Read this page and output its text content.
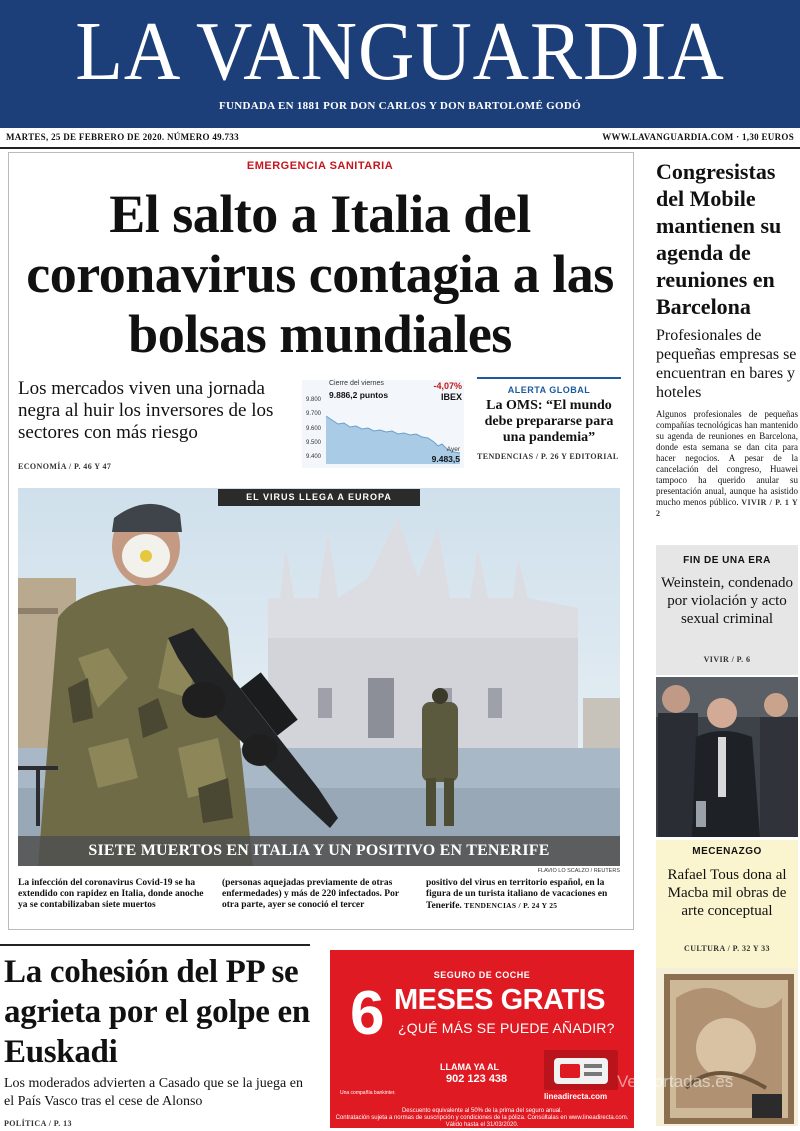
LA VANGUARDIA
FUNDADA EN 1881 POR DON CARLOS Y DON BARTOLOMÉ GODÓ
MARTES, 25 DE FEBRERO DE 2020. NÚMERO 49.733	WWW.LAVANGUARDIA.COM · 1,30 EUROS
EMERGENCIA SANITARIA
El salto a Italia del coronavirus contagia a las bolsas mundiales
Los mercados viven una jornada negra al huir los inversores de los sectores con más riesgo
ECONOMÍA / P. 46 Y 47
9.800
9.700
9.600
9.500
9.400
Cierre del viernes
9.886,2 puntos
-4,07%
IBEX
Ayer
9.483,5
ALERTA GLOBAL
La OMS: “El mundo debe prepararse para una pandemia”
TENDENCIAS / P. 26 Y EDITORIAL
EL VIRUS LLEGA A EUROPA
SIETE MUERTOS EN ITALIA Y UN POSITIVO EN TENERIFE
FLAVIO LO SCALZO / REUTERS
La infección del coronavirus Covid-19 se ha extendido con rapidez en Italia, donde anoche ya se contabilizaban siete muertos
(personas aquejadas previamente de otras enfermedades) y más de 220 infectados. Por otra parte, ayer se conoció el tercer
positivo del virus en territorio español, en la figura de un turista italiano de vacaciones en Tenerife. TENDENCIAS / P. 24 Y 25
Congresistas del Mobile mantienen su agenda de reuniones en Barcelona
Profesionales de pequeñas empresas se encuentran en bares y hoteles
Algunos profesionales de pequeñas compañías tecnológicas han mantenido su agenda de reuniones en Barcelona, donde esta semana se dan cita para hacer negocios. A pesar de la cancelación del congreso, Huawei tampoco ha querido anular su presentación anual, aunque ha asistido mucho menos público. VIVIR / P. 1 Y 2
FIN DE UNA ERA
Weinstein, condenado por violación y acto sexual criminal
VIVIR / P. 6
MECENAZGO
Rafael Tous dona al Macba mil obras de arte conceptual
CULTURA / P. 32 Y 33
La cohesión del PP se agrieta por el golpe en Euskadi
Los moderados advierten a Casado que se la juega en el País Vasco tras el cese de Alonso
POLÍTICA / P. 13
SEGURO DE COCHE
6 MESES GRATIS
¿QUÉ MÁS SE PUEDE AÑADIR?
LLAMA YA AL
902 123 438
lineadirecta.com
Una compañía bankinter.
Descuento equivalente al 50% de la prima del seguro anual.
Contratación sujeta a normas de suscripción y condiciones de la póliza. Consúltalas en www.lineadirecta.com. Válido hasta el 31/03/2020.
VerPortadas.es
